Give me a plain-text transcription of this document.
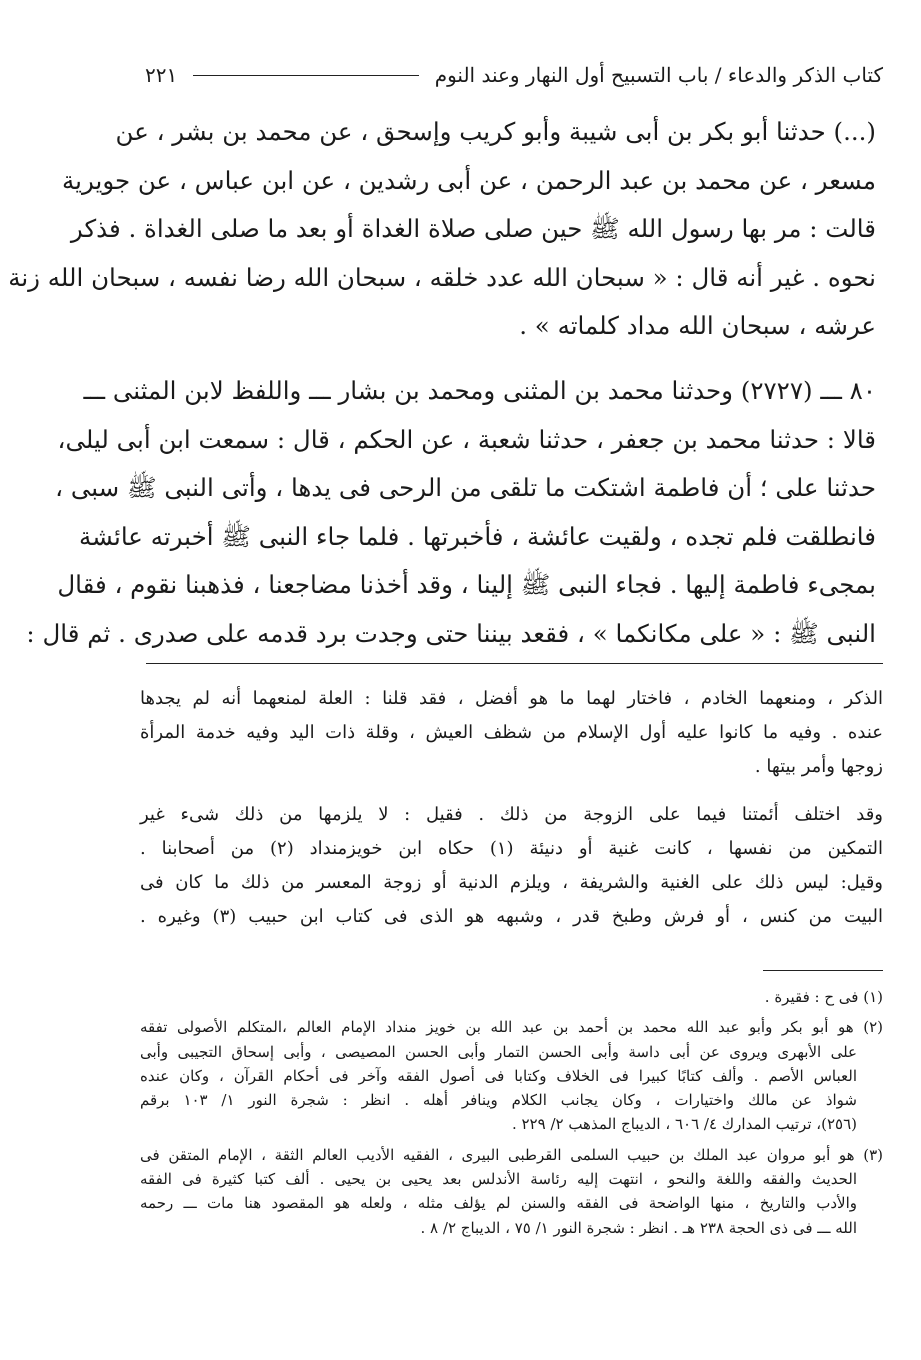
كتاب الذكر والدعاء / باب التسبيح أول النهار وعند النوم
٢٢١
(...) حدثنا أبو بكر بن أبى شيبة وأبو كريب وإسحق ، عن محمد بن بشر ، عن
مسعر ، عن محمد بن عبد الرحمن ، عن أبى رشدين ، عن ابن عباس ، عن جويرية
قالت : مر بها رسول الله ﷺ حين صلى صلاة الغداة أو بعد ما صلى الغداة . فذكر
نحوه . غير أنه قال : « سبحان الله عدد خلقه ، سبحان الله رضا نفسه ، سبحان الله زنة
عرشه ، سبحان الله مداد كلماته » .
٨٠ ـــ (٢٧٢٧) وحدثنا محمد بن المثنى ومحمد بن بشار ـــ واللفظ لابن المثنى ـــ
قالا : حدثنا محمد بن جعفر ، حدثنا شعبة ، عن الحكم ، قال : سمعت ابن أبى ليلى،
حدثنا على ؛ أن فاطمة اشتكت ما تلقى من الرحى فى يدها ، وأتى النبى ﷺ سبى ،
فانطلقت فلم تجده ، ولقيت عائشة ، فأخبرتها . فلما جاء النبى ﷺ أخبرته عائشة
بمجىء فاطمة إليها . فجاء النبى ﷺ إلينا ، وقد أخذنا مضاجعنا ، فذهبنا نقوم ، فقال
النبى ﷺ : « على مكانكما » ، فقعد بيننا حتى وجدت برد قدمه على صدرى . ثم قال :
الذكر ، ومنعهما الخادم ، فاختار لهما ما هو أفضل ، فقد قلنا : العلة لمنعهما أنه لم يجدها
عنده . وفيه ما كانوا عليه أول الإسلام من شظف العيش ، وقلة ذات اليد وفيه خدمة المرأة
زوجها وأمر بيتها .
وقد اختلف أئمتنا فيما على الزوجة من ذلك . فقيل : لا يلزمها من ذلك شىء غير
التمكين من نفسها ، كانت غنية أو دنيئة (١) حكاه ابن خويزمنداد (٢) من أصحابنا .
وقيل: ليس ذلك على الغنية والشريفة ، ويلزم الدنية أو زوجة المعسر من ذلك ما كان فى
البيت من كنس ، أو فرش وطبخ قدر ، وشبهه هو الذى فى كتاب ابن حبيب (٣) وغيره .
(١) فى ح : فقيرة .
(٢) هو أبو بكر وأبو عبد الله محمد بن أحمد بن عبد الله بن خويز منداد الإمام العالم ،المتكلم الأصولى تفقه
على الأبهرى ويروى عن أبى داسة وأبى الحسن التمار وأبى الحسن المصيصى ، وأبى إسحاق التجيبى وأبى
العباس الأصم . وألف كتابًا كبيرا فى الخلاف وكتابا فى أصول الفقه وآخر فى أحكام القرآن ، وكان عنده
شواذ عن مالك واختيارات ، وكان يجانب الكلام وينافر أهله . انظر : شجرة النور ١/ ١٠٣ برقم
(٢٥٦)، ترتيب المدارك ٤/ ٦٠٦ ، الديباج المذهب ٢/ ٢٢٩ .
(٣) هو أبو مروان عبد الملك بن حبيب السلمى القرطبى البيرى ، الفقيه الأديب العالم الثقة ، الإمام المتقن فى
الحديث والفقه واللغة والنحو ، انتهت إليه رئاسة الأندلس بعد يحيى بن يحيى . ألف كتبا كثيرة فى الفقه
والأدب والتاريخ ، منها الواضحة فى الفقه والسنن لم يؤلف مثله ، ولعله هو المقصود هنا مات ـــ رحمه
الله ـــ فى ذى الحجة ٢٣٨ هـ . انظر : شجرة النور ١/ ٧٥ ، الديباج ٢/ ٨ .
